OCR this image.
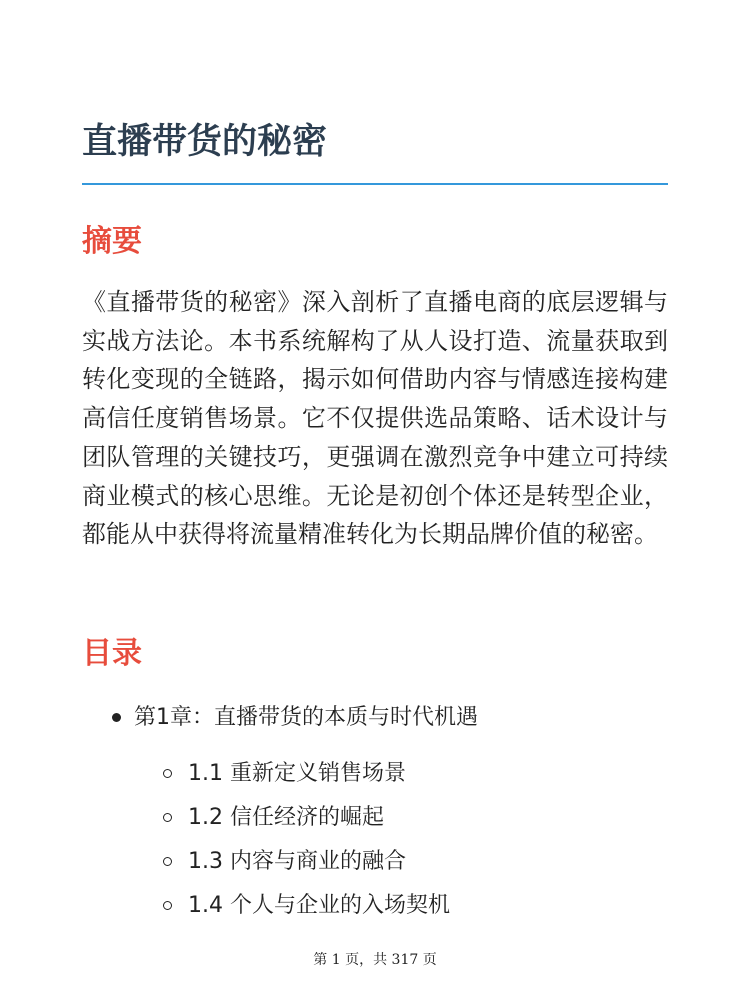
直播带货的秘密
摘要

《直播带货的秘密》深入剖析了直播电商的底层逻辑与实战方法论。本书系统解构了从人设打造、流量获取到转化变现的全链路，揭示如何借助内容与情感连接构建高信任度销售场景。它不仅提供选品策略、话术设计与团队管理的关键技巧，更强调在激烈竞争中建立可持续商业模式的核心思维。无论是初创个体还是转型企业，都能从中获得将流量精准转化为长期品牌价值的秘密。

目录
第1章：直播带货的本质与时代机遇
1.1 重新定义销售场景
1.2 信任经济的崛起
1.3 内容与商业的融合
1.4 个人与企业的入场契机
第 1 页，共 317 页
